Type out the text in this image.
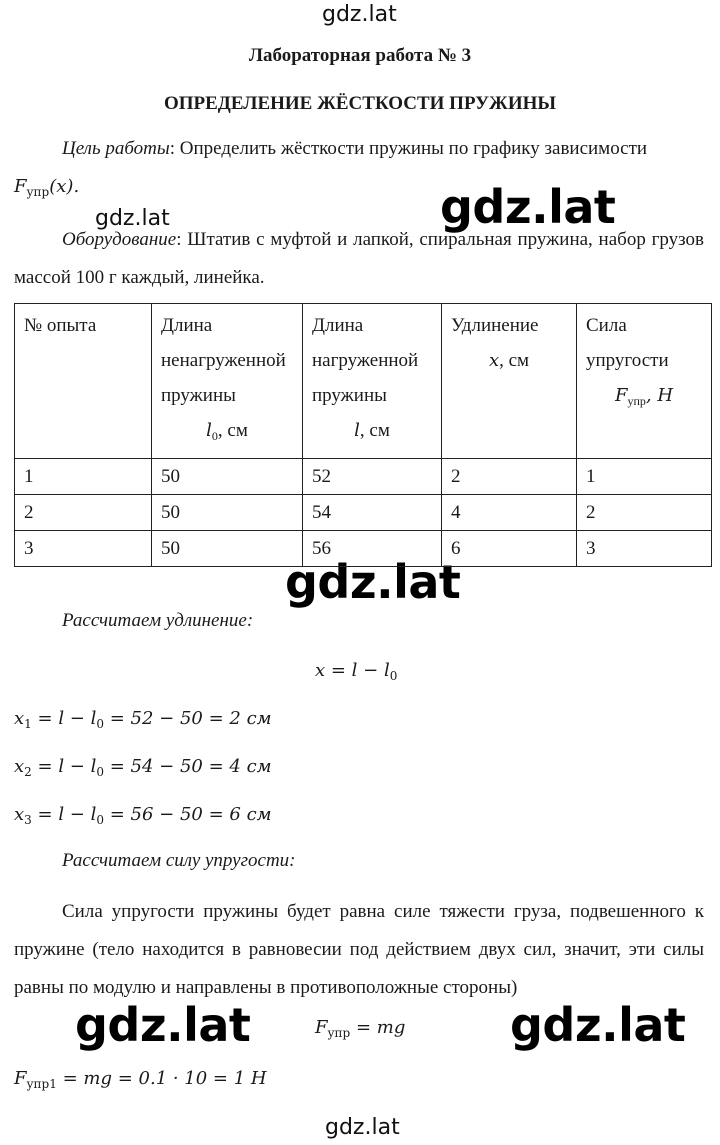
gdz.lat
gdz.lat	gdz.lat
gdz.lat
gdz.lat	gdz.lat
gdz.lat
Лабораторная работа № 3
ОПРЕДЕЛЕНИЕ ЖЁСТКОСТИ ПРУЖИНЫ
Цель работы: Определить жёсткости пружины по графику зависимости
$F_{упр}(x)$.
Оборудование: Штатив с муфтой и лапкой, спиральная пружина, набор грузов массой 100 г каждый, линейка.
№ опыта	Длина
ненагруженной
пружины
$l_0$, см	Длина
нагруженной
пружины
l, см	Удлинение
x, см	Сила
упругости
$F_{упр}$, H

1	50	52	2	1
2	50	54	4	2
3	50	56	6	3
Рассчитаем удлинение:
$x = l - l_0$
$x_1 = l - l_0 = 52 - 50 = 2$ см
$x_2 = l - l_0 = 54 - 50 = 4$ см
$x_3 = l - l_0 = 56 - 50 = 6$ см
Рассчитаем силу упругости:
Сила упругости пружины будет равна силе тяжести груза, подвешенного к пружине (тело находится в равновесии под действием двух сил, значит, эти силы равны по модулю и направлены в противоположные стороны)
$F_{упр}$ = mg
$F_{упр1}$ = mg = 0.1 · 10 = 1 H
